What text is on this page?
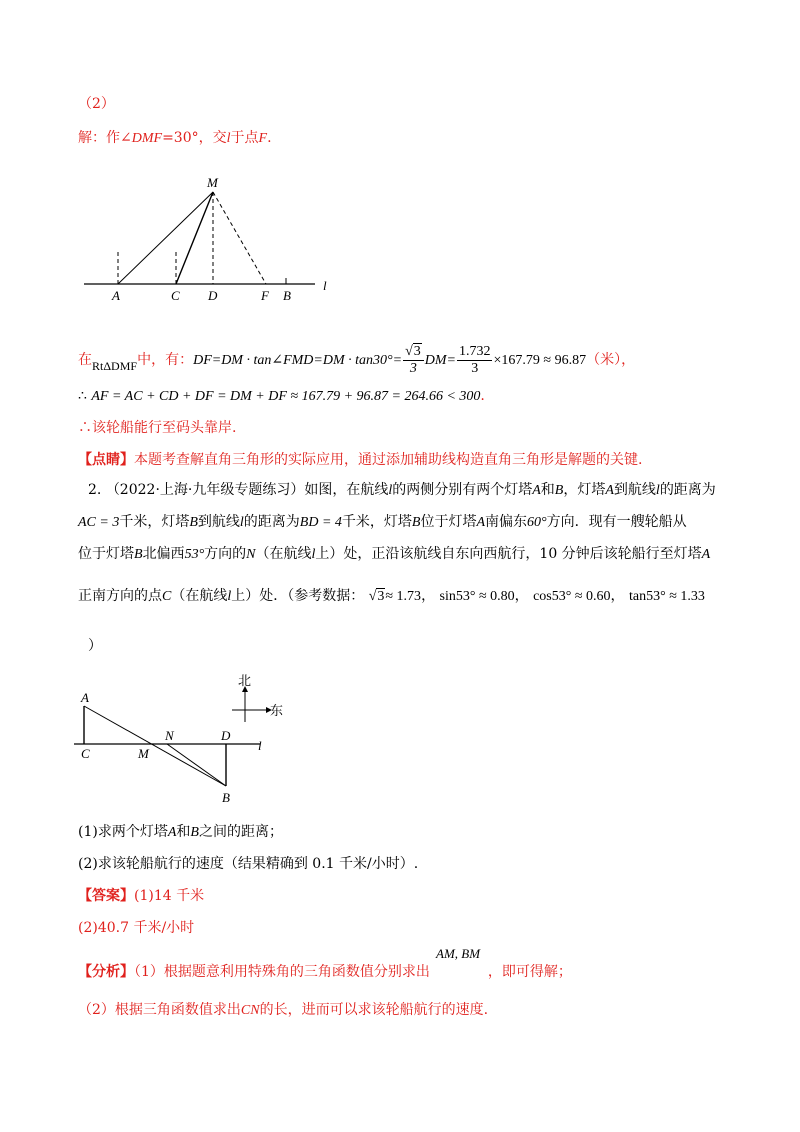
（2）
解：作∠DMF=30°，交l于点F.
M
A	C D	F B
l
在RtΔDMF中，有：DF=DM · tan∠FMD=DM · $\tan 30^\circ= \frac{√3}{3} DM= \frac{1.732}{3} \times 167.79 \approx 96.87$（米），
∴ AF = AC + CD + DF = DM + DF ≈ 167.79 + 96.87 = 264.66 < 300.
∴该轮船能行至码头靠岸.
【点睛】本题考查解直角三角形的实际应用，通过添加辅助线构造直角三角形是解题的关键.
2. （2022·上海·九年级专题练习）如图，在航线l的两侧分别有两个灯塔A和B，灯塔A到航线l的距离为
AC = 3千米，灯塔B到航线l的距离为BD = 4千米，灯塔B位于灯塔A南偏东60°方向．现有一艘轮船从
位于灯塔B北偏西53°方向的N（在航线l上）处，正沿该航线自东向西航行，10 分钟后该轮船行至灯塔A
正南方向的点C（在航线l上）处．（参考数据： √3≈ 1.73， sin53° ≈ 0.80， cos53° ≈ 0.60， tan53° ≈ 1.33
）
北
东
A
C	M
N	D
B
l
(1)求两个灯塔A和B之间的距离；
(2)求该轮船航行的速度（结果精确到 0.1 千米/小时）.
【答案】(1)14 千米
(2)40.7 千米/小时
AM, BM
【分析】（1）根据题意利用特殊角的三角函数值分别求出	，即可得解；
（2）根据三角函数值求出CN的长，进而可以求该轮船航行的速度.
